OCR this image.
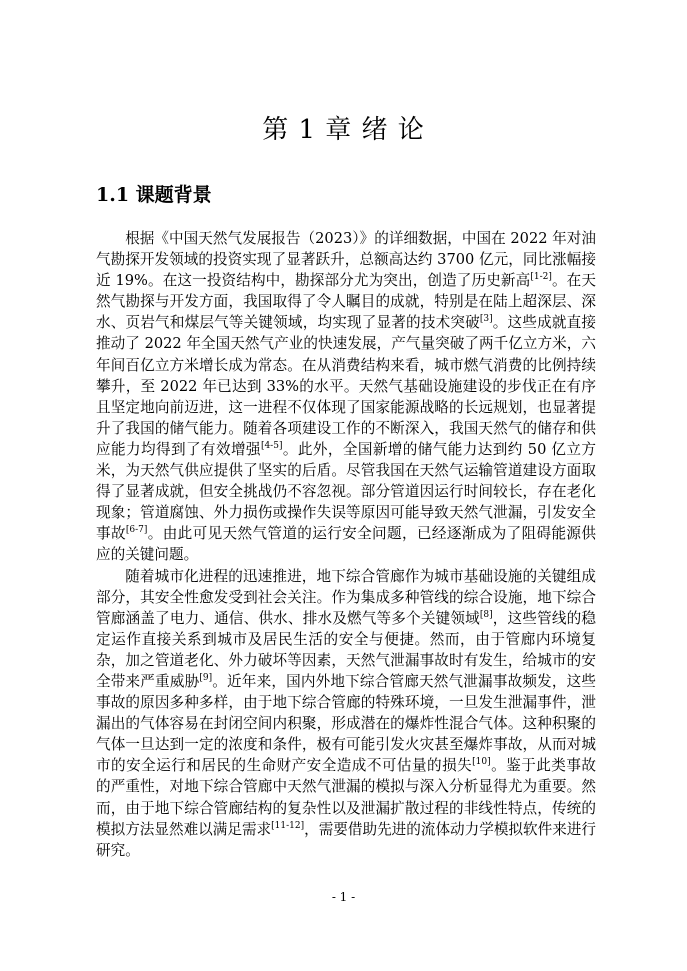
第 1 章 绪 论
1.1 课题背景

根据《中国天然气发展报告（2023）》的详细数据，中国在 2022 年对油气勘探开发领域的投资实现了显著跃升，总额高达约 3700 亿元，同比涨幅接近 19%。在这一投资结构中，勘探部分尤为突出，创造了历史新高[1-2]。在天然气勘探与开发方面，我国取得了令人瞩目的成就，特别是在陆上超深层、深水、页岩气和煤层气等关键领域，均实现了显著的技术突破[3]。这些成就直接推动了 2022 年全国天然气产业的快速发展，产气量突破了两千亿立方米，六年间百亿立方米增长成为常态。在从消费结构来看，城市燃气消费的比例持续攀升，至 2022 年已达到 33%的水平。天然气基础设施建设的步伐正在有序且坚定地向前迈进，这一进程不仅体现了国家能源战略的长远规划，也显著提升了我国的储气能力。随着各项建设工作的不断深入，我国天然气的储存和供应能力均得到了有效增强[4-5]。此外，全国新增的储气能力达到约 50 亿立方米，为天然气供应提供了坚实的后盾。尽管我国在天然气运输管道建设方面取得了显著成就，但安全挑战仍不容忽视。部分管道因运行时间较长，存在老化现象；管道腐蚀、外力损伤或操作失误等原因可能导致天然气泄漏，引发安全事故[6-7]。由此可见天然气管道的运行安全问题，已经逐渐成为了阻碍能源供应的关键问题。

随着城市化进程的迅速推进，地下综合管廊作为城市基础设施的关键组成部分，其安全性愈发受到社会关注。作为集成多种管线的综合设施，地下综合管廊涵盖了电力、通信、供水、排水及燃气等多个关键领域[8]，这些管线的稳定运作直接关系到城市及居民生活的安全与便捷。然而，由于管廊内环境复杂，加之管道老化、外力破坏等因素，天然气泄漏事故时有发生，给城市的安全带来严重威胁[9]。近年来，国内外地下综合管廊天然气泄漏事故频发，这些事故的原因多种多样，由于地下综合管廊的特殊环境，一旦发生泄漏事件，泄漏出的气体容易在封闭空间内积聚，形成潜在的爆炸性混合气体。这种积聚的气体一旦达到一定的浓度和条件，极有可能引发火灾甚至爆炸事故，从而对城市的安全运行和居民的生命财产安全造成不可估量的损失[10]。鉴于此类事故的严重性，对地下综合管廊中天然气泄漏的模拟与深入分析显得尤为重要。然而，由于地下综合管廊结构的复杂性以及泄漏扩散过程的非线性特点，传统的模拟方法显然难以满足需求[11-12]，需要借助先进的流体动力学模拟软件来进行研究。

- 1 -
